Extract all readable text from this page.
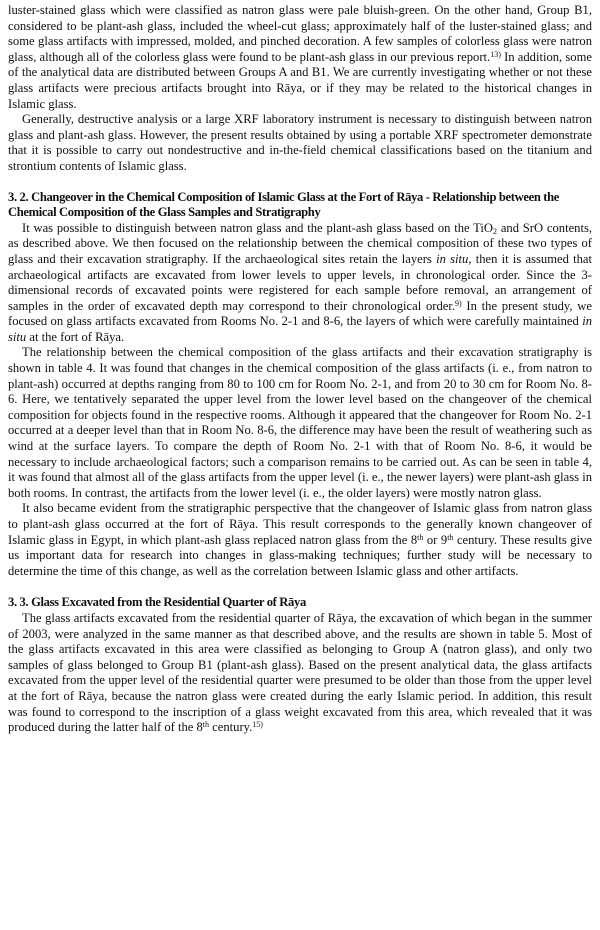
luster-stained glass which were classified as natron glass were pale bluish-green. On the other hand, Group B1, considered to be plant-ash glass, included the wheel-cut glass; approximately half of the luster-stained glass; and some glass artifacts with impressed, molded, and pinched decoration. A few samples of colorless glass were natron glass, although all of the colorless glass were found to be plant-ash glass in our previous report.$^{13)}$ In addition, some of the analytical data are distributed between Groups A and B1. We are currently investigating whether or not these glass artifacts were precious artifacts brought into Rāya, or if they may be related to the historical changes in Islamic glass.

Generally, destructive analysis or a large XRF laboratory instrument is necessary to distinguish between natron glass and plant-ash glass. However, the present results obtained by using a portable XRF spectrometer demonstrate that it is possible to carry out nondestructive and in-the-field chemical classifications based on the titanium and strontium contents of Islamic glass.

3. 2. Changeover in the Chemical Composition of Islamic Glass at the Fort of Rāya - Relationship between the Chemical Composition of the Glass Samples and Stratigraphy

It was possible to distinguish between natron glass and the plant-ash glass based on the TiO$_2$ and SrO contents, as described above. We then focused on the relationship between the chemical composition of these two types of glass and their excavation stratigraphy. If the archaeological sites retain the layers in situ, then it is assumed that archaeological artifacts are excavated from lower levels to upper levels, in chronological order. Since the 3-dimensional records of excavated points were registered for each sample before removal, an arrangement of samples in the order of excavated depth may correspond to their chronological order.$^{9)}$ In the present study, we focused on glass artifacts excavated from Rooms No. 2-1 and 8-6, the layers of which were carefully maintained in situ at the fort of Rāya.

The relationship between the chemical composition of the glass artifacts and their excavation stratigraphy is shown in table 4. It was found that changes in the chemical composition of the glass artifacts (i. e., from natron to plant-ash) occurred at depths ranging from 80 to 100 cm for Room No. 2-1, and from 20 to 30 cm for Room No. 8-6. Here, we tentatively separated the upper level from the lower level based on the changeover of the chemical composition for objects found in the respective rooms. Although it appeared that the changeover for Room No. 2-1 occurred at a deeper level than that in Room No. 8-6, the difference may have been the result of weathering such as wind at the surface layers. To compare the depth of Room No. 2-1 with that of Room No. 8-6, it would be necessary to include archaeological factors; such a comparison remains to be carried out. As can be seen in table 4, it was found that almost all of the glass artifacts from the upper level (i. e., the newer layers) were plant-ash glass in both rooms. In contrast, the artifacts from the lower level (i. e., the older layers) were mostly natron glass.

It also became evident from the stratigraphic perspective that the changeover of Islamic glass from natron glass to plant-ash glass occurred at the fort of Rāya. This result corresponds to the generally known changeover of Islamic glass in Egypt, in which plant-ash glass replaced natron glass from the 8th or 9th century. These results give us important data for research into changes in glass-making techniques; further study will be necessary to determine the time of this change, as well as the correlation between Islamic glass and other artifacts.

3. 3. Glass Excavated from the Residential Quarter of Rāya

The glass artifacts excavated from the residential quarter of Rāya, the excavation of which began in the summer of 2003, were analyzed in the same manner as that described above, and the results are shown in table 5. Most of the glass artifacts excavated in this area were classified as belonging to Group A (natron glass), and only two samples of glass belonged to Group B1 (plant-ash glass). Based on the present analytical data, the glass artifacts excavated from the upper level of the residential quarter were presumed to be older than those from the upper level at the fort of Rāya, because the natron glass were created during the early Islamic period. In addition, this result was found to correspond to the inscription of a glass weight excavated from this area, which revealed that it was produced during the latter half of the 8th century.$^{15)}$
